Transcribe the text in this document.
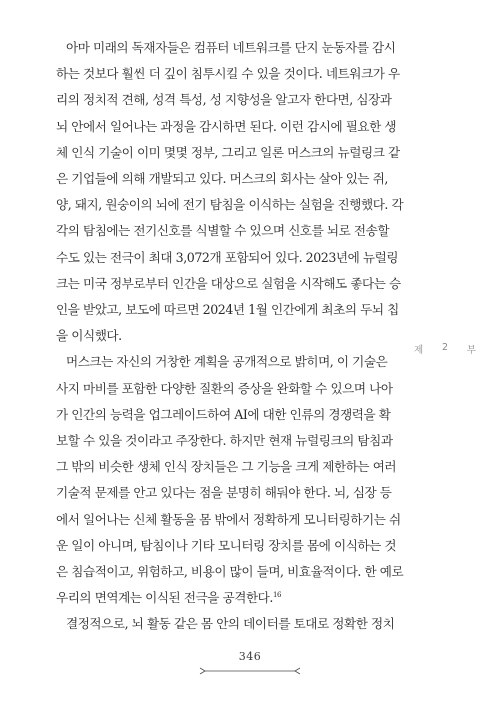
아마 미래의 독재자들은 컴퓨터 네트워크를 단지 눈동자를 감시
하는 것보다 훨씬 더 깊이 침투시킬 수 있을 것이다. 네트워크가 우
리의 정치적 견해, 성격 특성, 성 지향성을 알고자 한다면, 심장과
뇌 안에서 일어나는 과정을 감시하면 된다. 이런 감시에 필요한 생
체 인식 기술이 이미 몇몇 정부, 그리고 일론 머스크의 뉴럴링크 같
은 기업들에 의해 개발되고 있다. 머스크의 회사는 살아 있는 쥐,
양, 돼지, 원숭이의 뇌에 전기 탐침을 이식하는 실험을 진행했다. 각
각의 탐침에는 전기신호를 식별할 수 있으며 신호를 뇌로 전송할
수도 있는 전극이 최대 3,072개 포함되어 있다. 2023년에 뉴럴링
크는 미국 정부로부터 인간을 대상으로 실험을 시작해도 좋다는 승
인을 받았고, 보도에 따르면 2024년 1월 인간에게 최초의 두뇌 칩
을 이식했다.
머스크는 자신의 거창한 계획을 공개적으로 밝히며, 이 기술은
사지 마비를 포함한 다양한 질환의 증상을 완화할 수 있으며 나아
가 인간의 능력을 업그레이드하여 AI에 대한 인류의 경쟁력을 확
보할 수 있을 것이라고 주장한다. 하지만 현재 뉴럴링크의 탐침과
그 밖의 비슷한 생체 인식 장치들은 그 기능을 크게 제한하는 여러
기술적 문제를 안고 있다는 점을 분명히 해둬야 한다. 뇌, 심장 등
에서 일어나는 신체 활동을 몸 밖에서 정확하게 모니터링하기는 쉬
운 일이 아니며, 탐침이나 기타 모니터링 장치를 몸에 이식하는 것
은 침습적이고, 위험하고, 비용이 많이 들며, 비효율적이다. 한 예로
우리의 면역계는 이식된 전극을 공격한다.$^{16}$
결정적으로, 뇌 활동 같은 몸 안의 데이터를 토대로 정확한 정치
제 2 부
346
